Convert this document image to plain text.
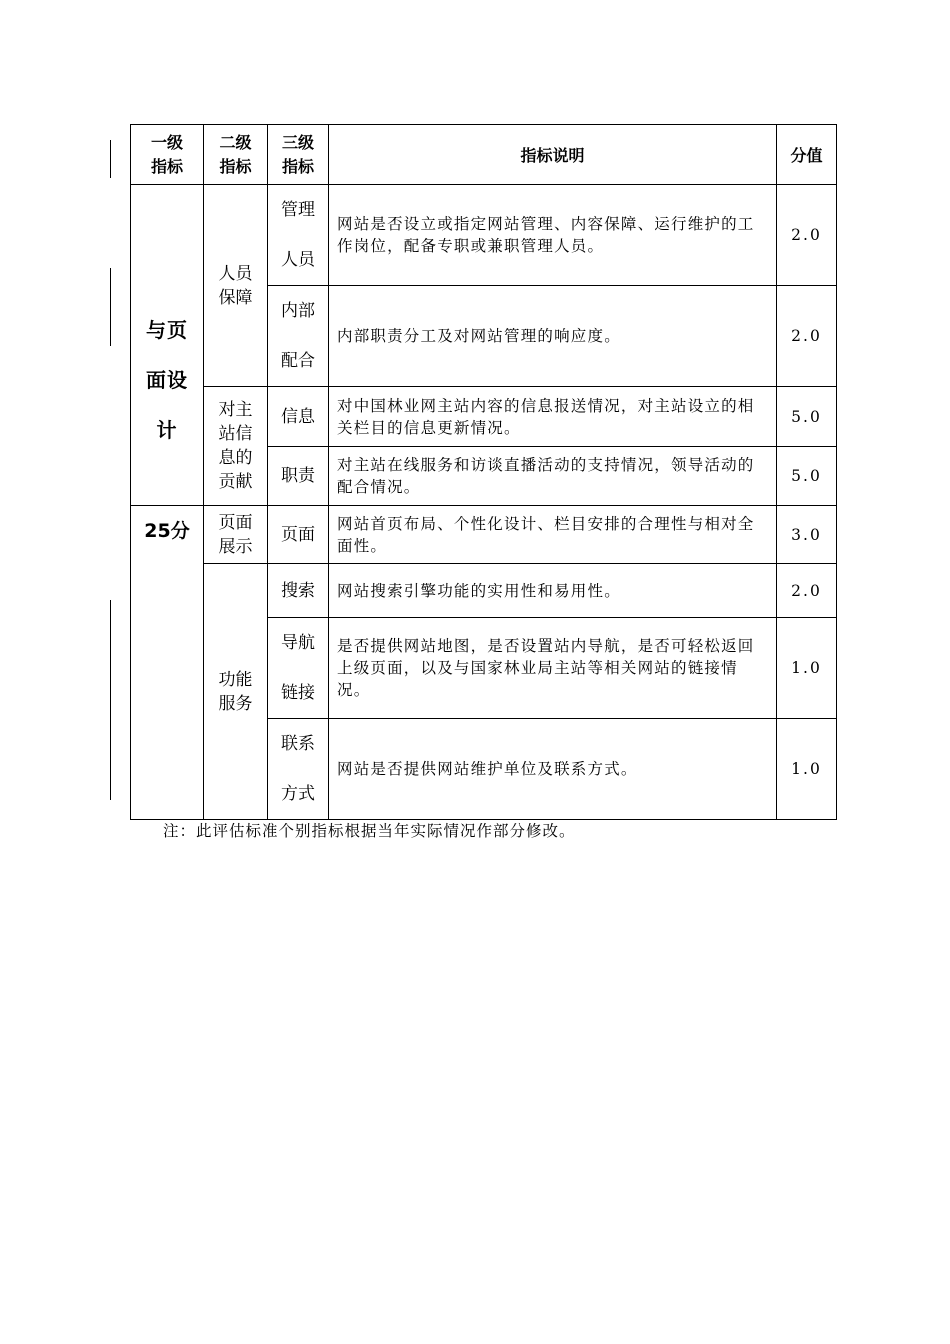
一级指标	二级指标	三级指标	指标说明	分值

与页面设计	人员保障	管理人员	网站是否设立或指定网站管理、内容保障、运行维护的工作岗位，配备专职或兼职管理人员。	2.0

		内部配合	内部职责分工及对网站管理的响应度。	2.0

	对主站信息的贡献	信息	对中国林业网主站内容的信息报送情况，对主站设立的相关栏目的信息更新情况。	5.0
		职责	对主站在线服务和访谈直播活动的支持情况，领导活动的配合情况。	5.0
25分	页面展示	页面	网站首页布局、个性化设计、栏目安排的合理性与相对全面性。	3.0

	功能服务	搜索	网站搜索引擎功能的实用性和易用性。	2.0

		导航链接	是否提供网站地图，是否设置站内导航，是否可轻松返回上级页面，以及与国家林业局主站等相关网站的链接情况。	1.0

		联系方式	网站是否提供网站维护单位及联系方式。	1.0
注：此评估标准个别指标根据当年实际情况作部分修改。
